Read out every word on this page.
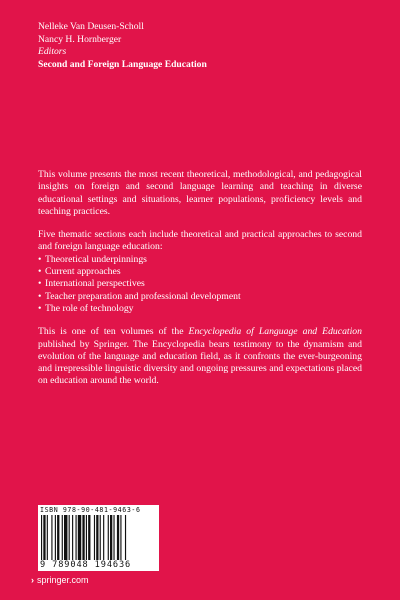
Nelleke Van Deusen-Scholl
Nancy H. Hornberger
Editors
Second and Foreign Language Education

This volume presents the most recent theoretical, methodological, and pedagogical insights on foreign and second language learning and teaching in diverse educational settings and situations, learner populations, proficiency levels and teaching practices.

Five thematic sections each include theoretical and practical approaches to second and foreign language education:

• Theoretical underpinnings
• Current approaches
• International perspectives
• Teacher preparation and professional development
• The role of technology

This is one of ten volumes of the Encyclopedia of Language and Education published by Springer. The Encyclopedia bears testimony to the dynamism and evolution of the language and education field, as it confronts the ever-burgeoning and irrepressible linguistic diversity and ongoing pressures and expectations placed on education around the world.

ISBN 978-90-481-9463-6
9 789048 194636
› springer.com
